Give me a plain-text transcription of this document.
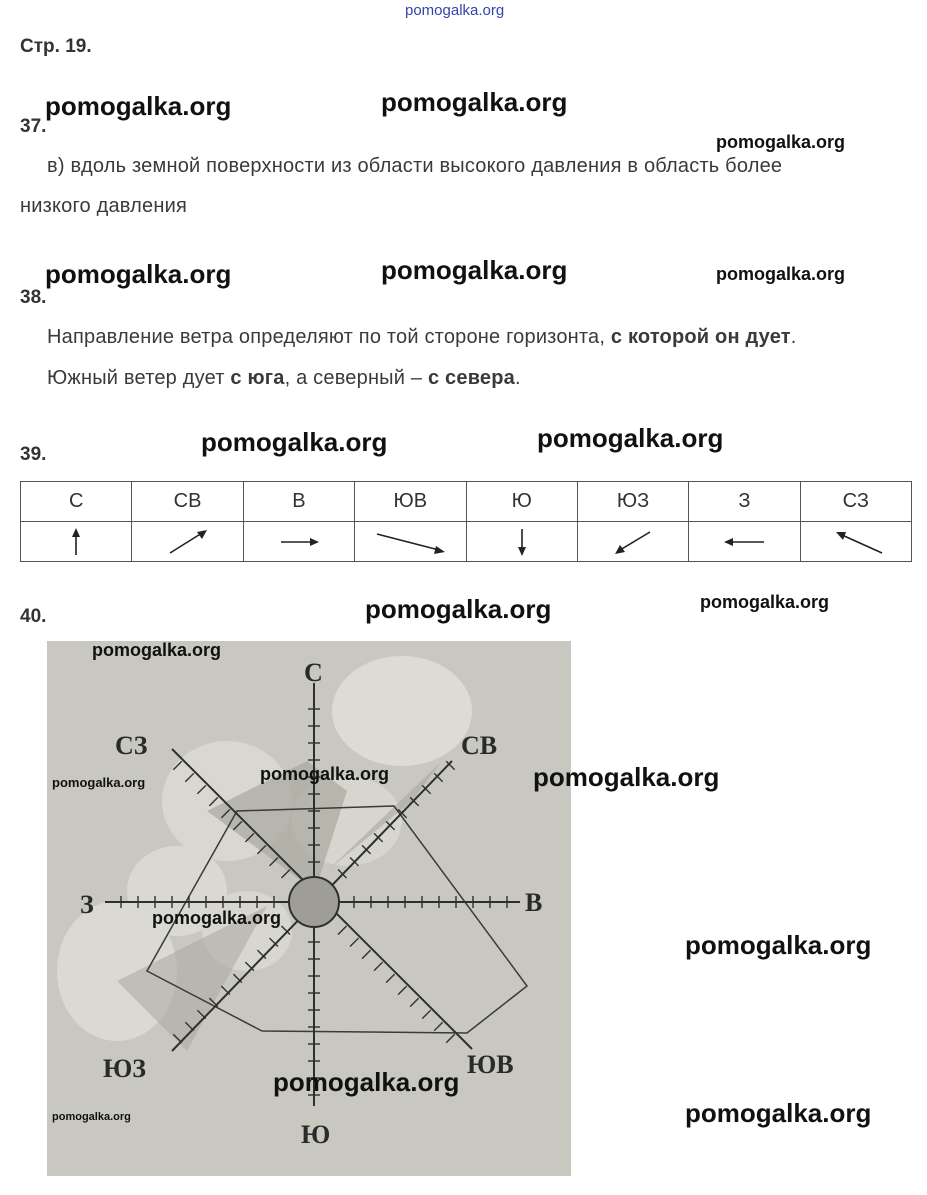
pomogalka.org
Стр. 19.
37.
в) вдоль земной поверхности из области высокого давления в область более
низкого давления
38.
Направление ветра определяют по той стороне горизонта, с которой он дует.
Южный ветер дует с юга, а северный – с севера.
39.
С	СВ	В	ЮВ	Ю	ЮЗ	З	СЗ

40.
С
СВ
В
ЮВ
Ю
ЮЗ
З
СЗ
pomogalka.org	pomogalka.org
pomogalka.org
pomogalka.org	pomogalka.org	pomogalka.org
pomogalka.org	pomogalka.org
pomogalka.org	pomogalka.org
pomogalka.org
pomogalka.org
pomogalka.org	pomogalka.org
pomogalka.org
pomogalka.org
pomogalka.org
pomogalka.org	pomogalka.org
